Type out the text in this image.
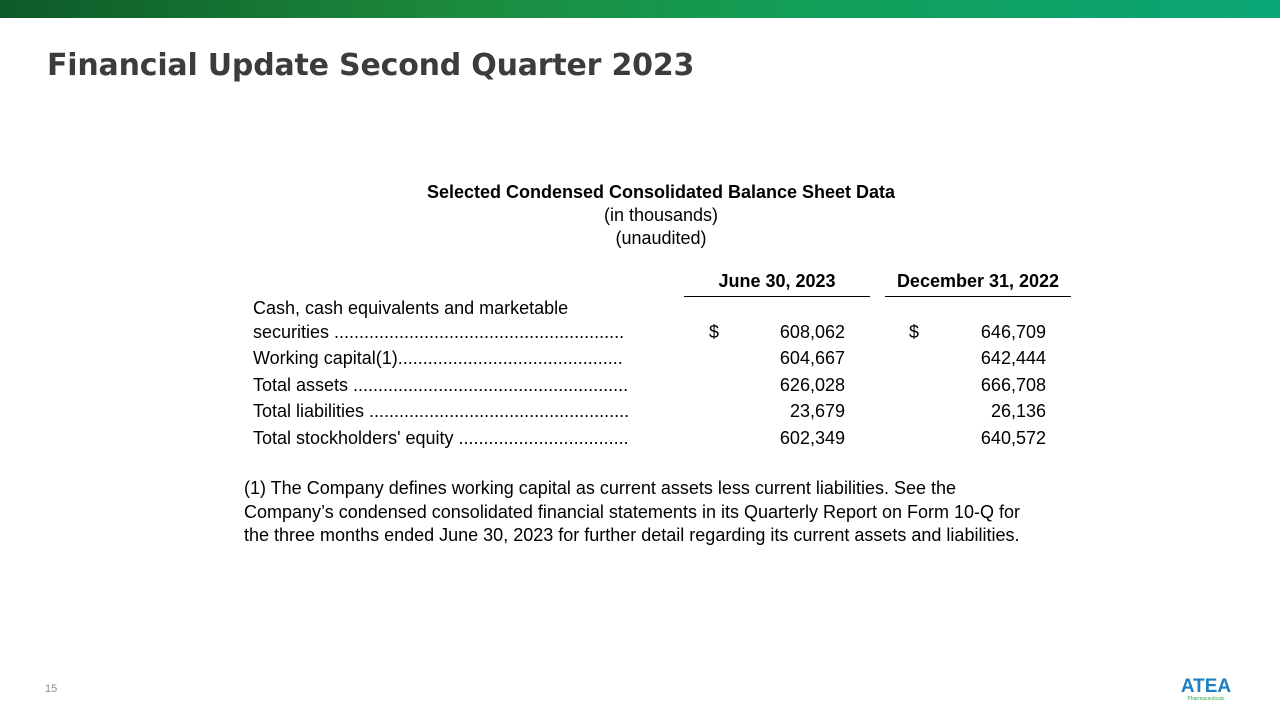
Financial Update Second Quarter 2023
Selected Condensed Consolidated Balance Sheet Data
(in thousands)
(unaudited)
June 30, 2023	December 31, 2022
Cash, cash equivalents and marketable
securities ..........................................................	$	608,062	$	646,709
Working capital(1).............................................	604,667	642,444
Total assets .......................................................	626,028	666,708
Total liabilities ....................................................	23,679	26,136
Total stockholders' equity ..................................	602,349	640,572
(1) The Company defines working capital as current assets less current liabilities. See the Company’s condensed consolidated financial statements in its Quarterly Report on Form 10-Q for the three months ended June 30, 2023 for further detail regarding its current assets and liabilities.
15	ATEA
Pharmaceuticals
